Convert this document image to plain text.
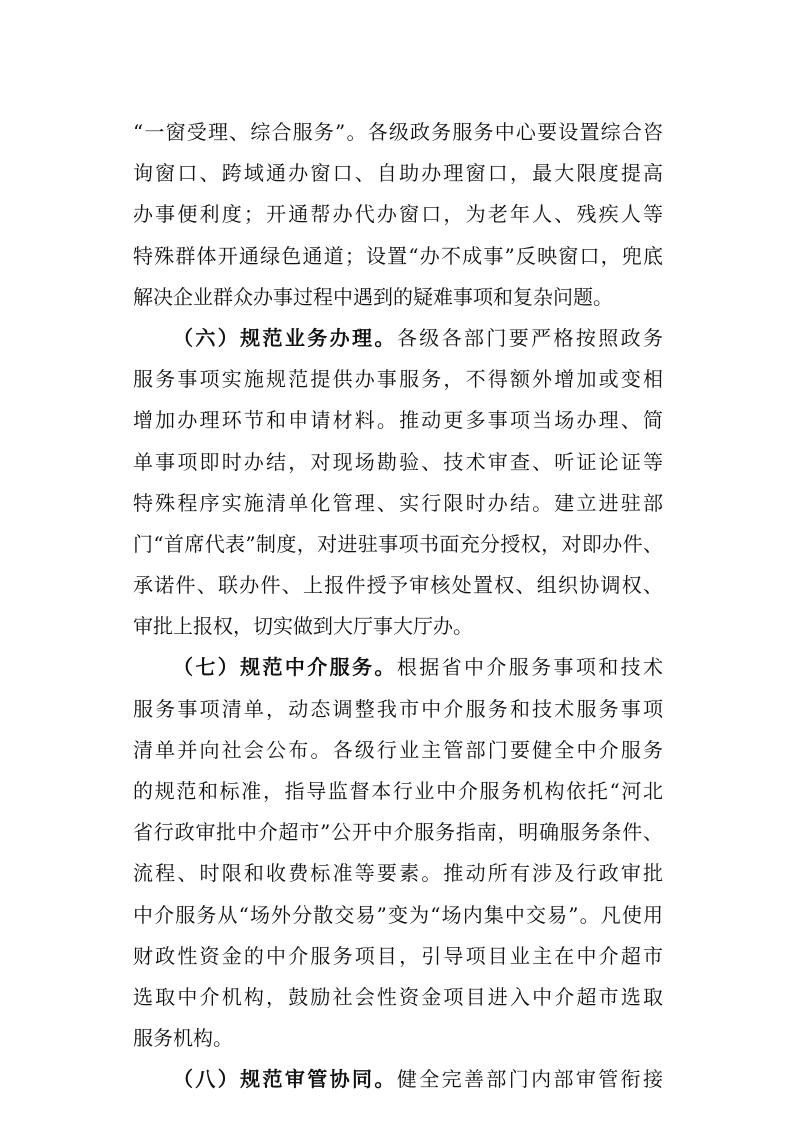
“一窗受理、综合服务”。各级政务服务中心要设置综合咨
询窗口、跨域通办窗口、自助办理窗口，最大限度提高
办事便利度；开通帮办代办窗口，为老年人、残疾人等
特殊群体开通绿色通道；设置“办不成事”反映窗口，兜底
解决企业群众办事过程中遇到的疑难事项和复杂问题。
（六）规范业务办理。各级各部门要严格按照政务
服务事项实施规范提供办事服务，不得额外增加或变相
增加办理环节和申请材料。推动更多事项当场办理、简
单事项即时办结，对现场勘验、技术审查、听证论证等
特殊程序实施清单化管理、实行限时办结。建立进驻部
门“首席代表”制度，对进驻事项书面充分授权，对即办件、
承诺件、联办件、上报件授予审核处置权、组织协调权、
审批上报权，切实做到大厅事大厅办。
（七）规范中介服务。根据省中介服务事项和技术
服务事项清单，动态调整我市中介服务和技术服务事项
清单并向社会公布。各级行业主管部门要健全中介服务
的规范和标准，指导监督本行业中介服务机构依托“河北
省行政审批中介超市”公开中介服务指南，明确服务条件、
流程、时限和收费标准等要素。推动所有涉及行政审批
中介服务从“场外分散交易”变为“场内集中交易”。凡使用
财政性资金的中介服务项目，引导项目业主在中介超市
选取中介机构，鼓励社会性资金项目进入中介超市选取
服务机构。
（八）规范审管协同。健全完善部门内部审管衔接
